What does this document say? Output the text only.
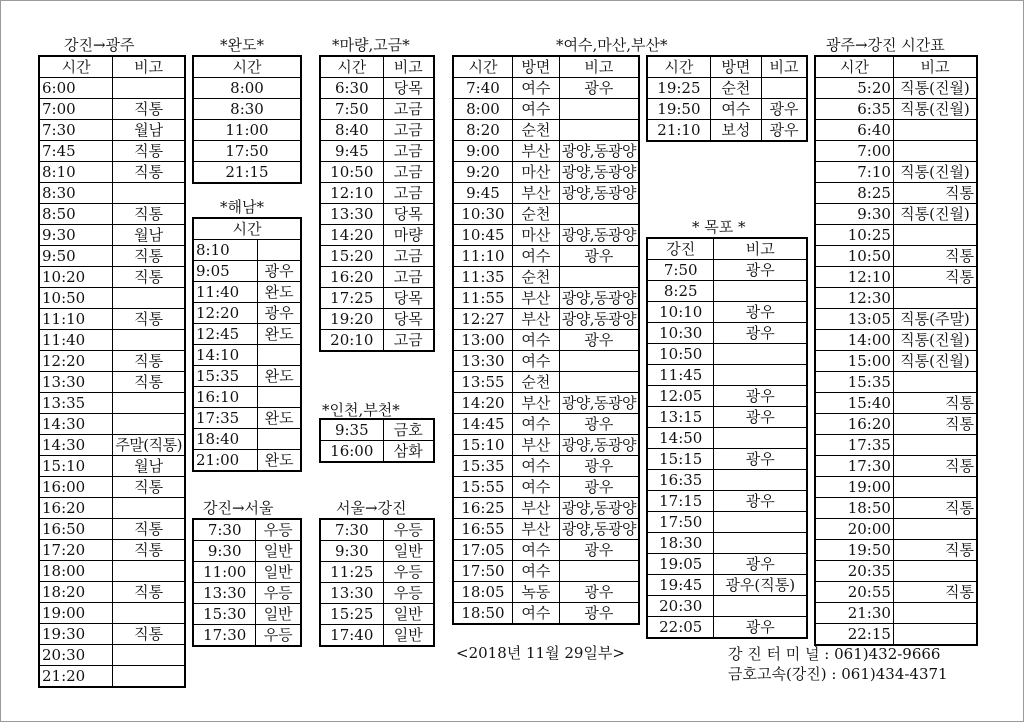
강진→광주	*완도*
*해남*
강진→서울
*마량,고금*
*인천,부천*
서울→강진
*여수,마산,부산*
* 목포 *
광주→강진 시간표
시간	비고
6:00	
7:00	직통
7:30	월남
7:45	직통
8:10	직통
8:30	
8:50	직통
9:30	월남
9:50	직통
10:20	직통
10:50	
11:10	직통
11:40	
12:20	직통
13:30	직통
13:35	
14:30	
14:30	주말(직통)
15:10	월남
16:00	직통
16:20	
16:50	직통
17:20	직통
18:00	
18:20	직통
19:00	
19:30	직통
20:30	
21:20	
시간
8:00
8:30
11:00
17:50
21:15
시간	
8:10	
9:05	광우
11:40	완도
12:20	광우
12:45	완도
14:10	
15:35	완도
16:10	
17:35	완도
18:40	
21:00	완도
7:30	우등
9:30	일반
11:00	일반
13:30	우등
15:30	일반
17:30	우등
시간	비고
6:30	당목
7:50	고금
8:40	고금
9:45	고금
10:50	고금
12:10	고금
13:30	당목
14:20	마량
15:20	고금
16:20	고금
17:25	당목
19:20	당목
20:10	고금
9:35	금호
16:00	삼화
7:30	우등
9:30	일반
11:25	우등
13:30	우등
15:25	일반
17:40	일반
시간	방면	비고
7:40	여수	광우
8:00	여수	
8:20	순천	
9:00	부산	광양,동광양
9:20	마산	광양,동광양
9:45	부산	광양,동광양
10:30	순천	
10:45	마산	광양,동광양
11:10	여수	광우
11:35	순천	
11:55	부산	광양,동광양
12:27	부산	광양,동광양
13:00	여수	광우
13:30	여수	
13:55	순천	
14:20	부산	광양,동광양
14:45	여수	광우
15:10	부산	광양,동광양
15:35	여수	광우
15:55	여수	광우
16:25	부산	광양,동광양
16:55	부산	광양,동광양
17:05	여수	광우
17:50	여수	
18:05	녹동	광우
18:50	여수	광우
시간	방면	비고
19:25	순천	
19:50	여수	광우
21:10	보성	광우
강진	비고
7:50	광우
8:25	
10:10	광우
10:30	광우
10:50	
11:45	
12:05	광우
13:15	광우
14:50	
15:15	광우
16:35	
17:15	광우
17:50	
18:30	
19:05	광우
19:45	광우(직통)
20:30	
22:05	광우
시간	비고
5:20	직통(진월)
6:35	직통(진월)
6:40	
7:00	
7:10	직통(진월)
8:25	직통
9:30	직통(진월)
10:25	
10:50	직통
12:10	직통
12:30	
13:05	직통(주말)
14:00	직통(진월)
15:00	직통(진월)
15:35	
15:40	직통
16:20	직통
17:35	
17:30	직통
19:00	
18:50	직통
20:00	
19:50	직통
20:35	
20:55	직통
21:30	
22:15	
<2018년 11월 29일부>	강 진 터 미 널 : 061)432-9666
금호고속(강진) : 061)434-4371
